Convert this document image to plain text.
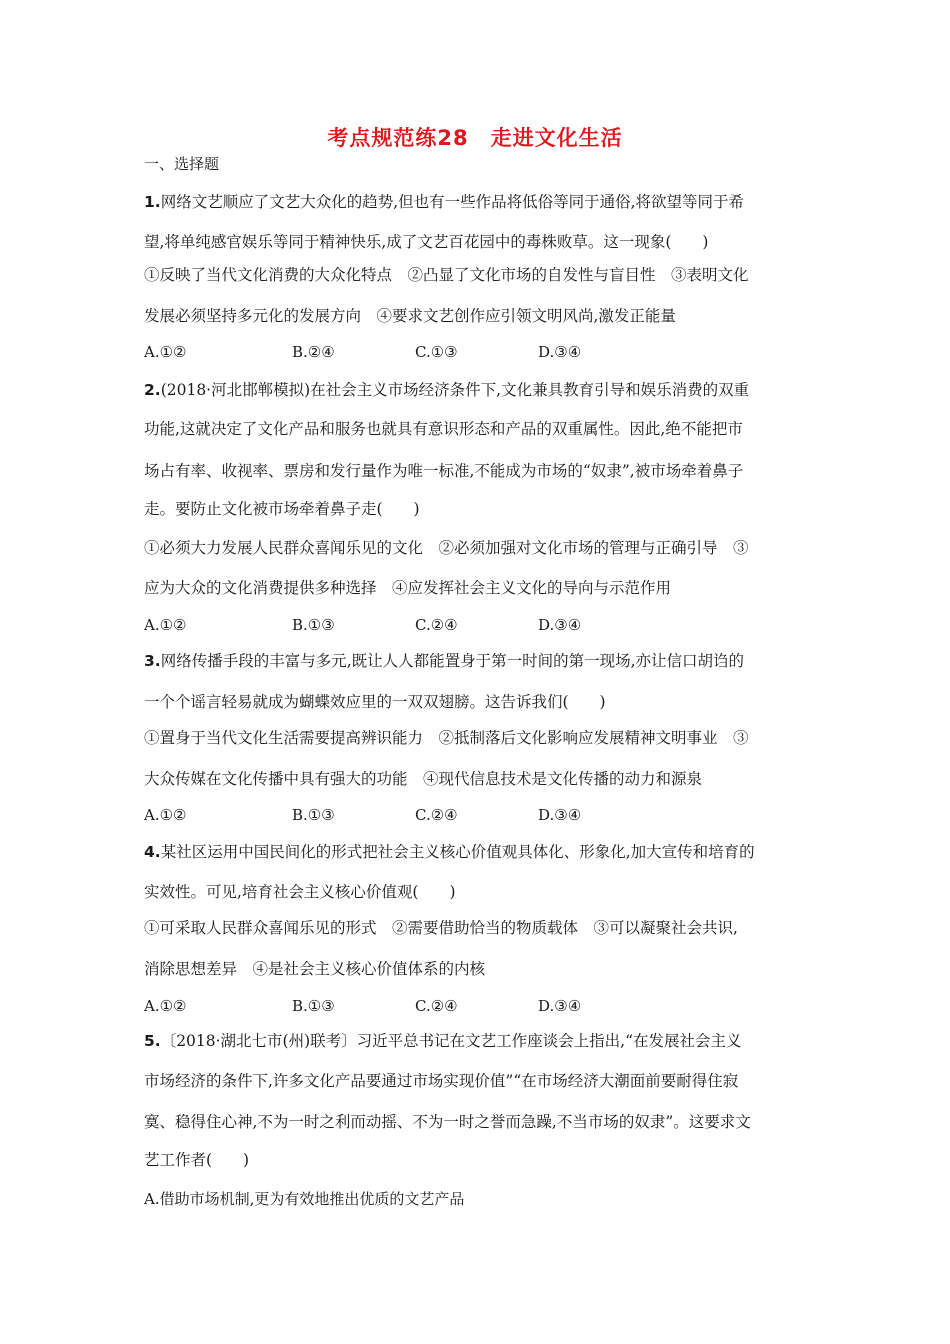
考点规范练28　走进文化生活
一、选择题
1.网络文艺顺应了文艺大众化的趋势,但也有一些作品将低俗等同于通俗,将欲望等同于希
望,将单纯感官娱乐等同于精神快乐,成了文艺百花园中的毒株败草。这一现象(　　)
①反映了当代文化消费的大众化特点　②凸显了文化市场的自发性与盲目性　③表明文化
发展必须坚持多元化的发展方向　④要求文艺创作应引领文明风尚,激发正能量
A.①②	B.②④	C.①③	D.③④
2.(2018·河北邯郸模拟)在社会主义市场经济条件下,文化兼具教育引导和娱乐消费的双重
功能,这就决定了文化产品和服务也就具有意识形态和产品的双重属性。因此,绝不能把市
场占有率、收视率、票房和发行量作为唯一标准,不能成为市场的“奴隶”,被市场牵着鼻子
走。要防止文化被市场牵着鼻子走(　　)
①必须大力发展人民群众喜闻乐见的文化　②必须加强对文化市场的管理与正确引导　③
应为大众的文化消费提供多种选择　④应发挥社会主义文化的导向与示范作用
A.①②	B.①③	C.②④	D.③④
3.网络传播手段的丰富与多元,既让人人都能置身于第一时间的第一现场,亦让信口胡诌的
一个个谣言轻易就成为蝴蝶效应里的一双双翅膀。这告诉我们(　　)
①置身于当代文化生活需要提高辨识能力　②抵制落后文化影响应发展精神文明事业　③
大众传媒在文化传播中具有强大的功能　④现代信息技术是文化传播的动力和源泉
A.①②	B.①③	C.②④	D.③④
4.某社区运用中国民间化的形式把社会主义核心价值观具体化、形象化,加大宣传和培育的
实效性。可见,培育社会主义核心价值观(　　)
①可采取人民群众喜闻乐见的形式　②需要借助恰当的物质载体　③可以凝聚社会共识,
消除思想差异　④是社会主义核心价值体系的内核
A.①②	B.①③	C.②④	D.③④
5.〔2018·湖北七市(州)联考〕习近平总书记在文艺工作座谈会上指出,“在发展社会主义
市场经济的条件下,许多文化产品要通过市场实现价值”“在市场经济大潮面前要耐得住寂
寞、稳得住心神,不为一时之利而动摇、不为一时之誉而急躁,不当市场的奴隶”。这要求文
艺工作者(　　)
A.借助市场机制,更为有效地推出优质的文艺产品
